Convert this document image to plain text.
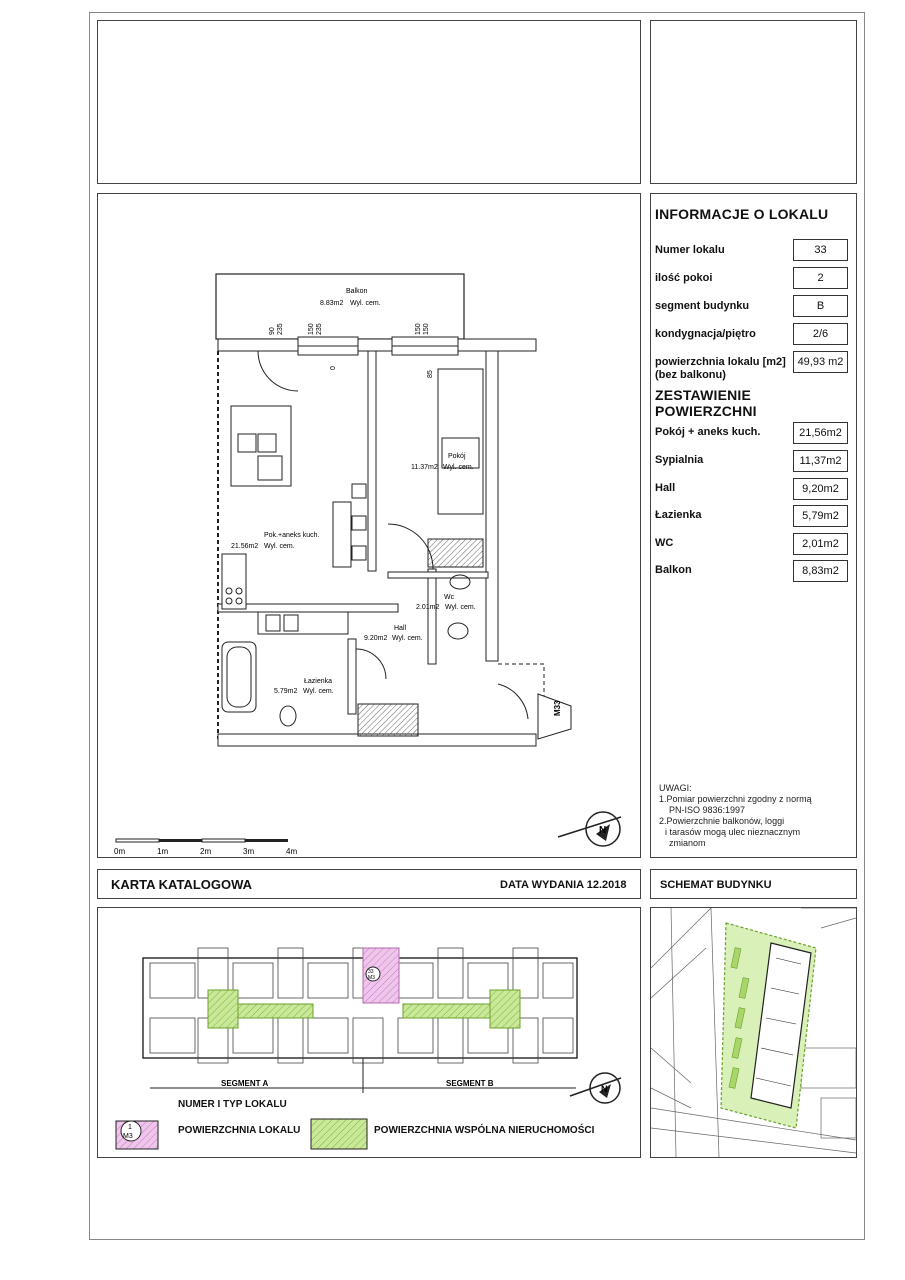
Balkon
8.83m2 Wyl. cem.
Pokój
11.37m2 Wyl. cem.
Pok.+aneks kuch.
21.56m2 Wyl. cem.
Wc
2.01m2 Wyl. cem.
Hall
9.20m2 Wyl. cem.
Łazienka
5.79m2 Wyl. cem.
90 235	150 235
0
150 150
85
M33
N
0m	1m	2m	3m	4m
INFORMACJE O LOKALU
Numer lokalu	33
ilość pokoi	2
segment budynku	B
kondygnacja/piętro	2/6
powierzchnia lokalu [m2]
(bez balkonu)
49,93 m2
ZESTAWIENIE POWIERZCHNI
Pokój + aneks kuch.	21,56m2
Sypialnia	11,37m2
Hall	9,20m2
Łazienka	5,79m2
WC	2,01m2
Balkon	8,83m2
UWAGI:
1.Pomiar powierzchni zgodny z normą
PN-ISO 9836:1997
2.Powierzchnie balkonów, loggi
i tarasów mogą ulec nieznacznym
zmianom
KARTA KATALOGOWA	DATA WYDANIA 12.2018	SCHEMAT BUDYNKU
33
M3
SEGMENT A	SEGMENT B
N
1
M3
NUMER I TYP LOKALU
POWIERZCHNIA LOKALU	POWIERZCHNIA WSPÓLNA NIERUCHOMOŚCI
